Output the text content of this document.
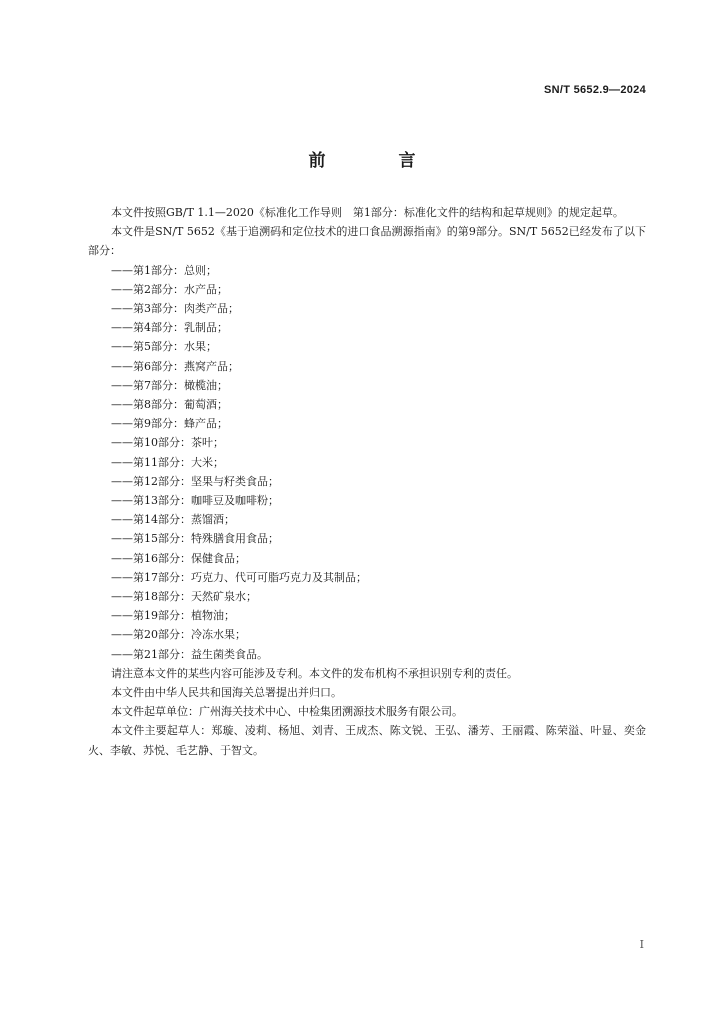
SN/T 5652.9—2024
前　言

本文件按照GB/T 1.1—2020《标准化工作导则　第1部分：标准化文件的结构和起草规则》的规定起草。

本文件是SN/T 5652《基于追溯码和定位技术的进口食品溯源指南》的第9部分。SN/T 5652已经发布了以下部分：

——第1部分：总则；
——第2部分：水产品；
——第3部分：肉类产品；
——第4部分：乳制品；
——第5部分：水果；
——第6部分：燕窝产品；
——第7部分：橄榄油；
——第8部分：葡萄酒；
——第9部分：蜂产品；
——第10部分：茶叶；
——第11部分：大米；
——第12部分：坚果与籽类食品；
——第13部分：咖啡豆及咖啡粉；
——第14部分：蒸馏酒；
——第15部分：特殊膳食用食品；
——第16部分：保健食品；
——第17部分：巧克力、代可可脂巧克力及其制品；
——第18部分：天然矿泉水；
——第19部分：植物油；
——第20部分：冷冻水果；
——第21部分：益生菌类食品。

请注意本文件的某些内容可能涉及专利。本文件的发布机构不承担识别专利的责任。

本文件由中华人民共和国海关总署提出并归口。

本文件起草单位：广州海关技术中心、中检集团溯源技术服务有限公司。

本文件主要起草人：郑璇、凌莉、杨旭、刘青、王成杰、陈文锐、王弘、潘芳、王丽霞、陈荣溢、叶显、奕金火、李敏、苏悦、毛艺静、于智文。

I
